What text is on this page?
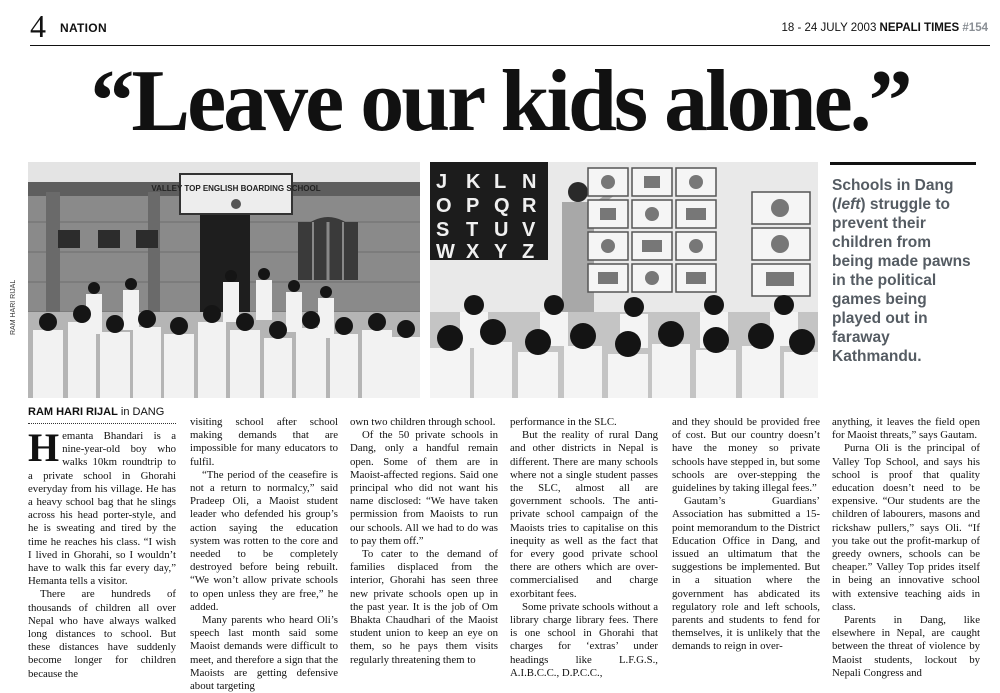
4 NATION	18 - 24 JULY 2003 NEPALI TIMES #154
“Leave our kids alone.”
VALLEY TOP ENGLISH BOARDING SCHOOL
RAM HARI RIJAL
J K L N
O P Q R
S T U V
W X Y Z
Schools in Dang (left) struggle to prevent their children from being made pawns in the political games being played out in faraway Kathmandu.
RAM HARI RIJAL in DANG

Hemanta Bhandari is a nine-year-old boy who walks 10km roundtrip to a private school in Ghorahi everyday from his village. He has a heavy school bag that he slings across his head porter-style, and he is sweating and tired by the time he reaches his class. “I wish I lived in Ghorahi, so I wouldn’t have to walk this far every day,” Hemanta tells a visitor.

There are hundreds of thousands of children all over Nepal who have always walked long distances to school. But these distances have suddenly become longer for children because the

visiting school after school making demands that are impossible for many educators to fulfil.

“The period of the ceasefire is not a return to normalcy,” said Pradeep Oli, a Maoist student leader who defended his group’s action saying the education system was rotten to the core and needed to be completely destroyed before being rebuilt. “We won’t allow private schools to open unless they are free,” he added.

Many parents who heard Oli’s speech last month said some Maoist demands were difficult to meet, and therefore a sign that the Maoists are getting defensive about targeting

own two children through school.

Of the 50 private schools in Dang, only a handful remain open. Some of them are in Maoist-affected regions. Said one principal who did not want his name disclosed: “We have taken permission from Maoists to run our schools. All we had to do was to pay them off.”

To cater to the demand of families displaced from the interior, Ghorahi has seen three new private schools open up in the past year. It is the job of Om Bhakta Chaudhari of the Maoist student union to keep an eye on them, so he pays them visits regularly threatening them to

performance in the SLC.

But the reality of rural Dang and other districts in Nepal is different. There are many schools where not a single student passes the SLC, almost all are government schools. The anti-private school campaign of the Maoists tries to capitalise on this inequity as well as the fact that for every good private school there are others which are over-commercialised and charge exorbitant fees.

Some private schools without a library charge library fees. There is one school in Ghorahi that charges for ‘extras’ under headings like L.F.G.S., A.I.B.C.C., D.P.C.C.,

and they should be provided free of cost. But our country doesn’t have the money so private schools have stepped in, but some schools are over-stepping the guidelines by taking illegal fees.”

Gautam’s Guardians’ Association has submitted a 15-point memorandum to the District Education Office in Dang, and issued an ultimatum that the suggestions be implemented. But in a situation where the government has abdicated its regulatory role and left schools, parents and students to fend for themselves, it is unlikely that the demands to reign in over-

anything, it leaves the field open for Maoist threats,” says Gautam.

Purna Oli is the principal of Valley Top School, and says his school is proof that quality education doesn’t need to be expensive. “Our students are the children of labourers, masons and rickshaw pullers,” says Oli. “If you take out the profit-markup of greedy owners, schools can be cheaper.” Valley Top prides itself in being an innovative school with extensive teaching aids in class.

Parents in Dang, like elsewhere in Nepal, are caught between the threat of violence by Maoist students, lockout by Nepali Congress and
